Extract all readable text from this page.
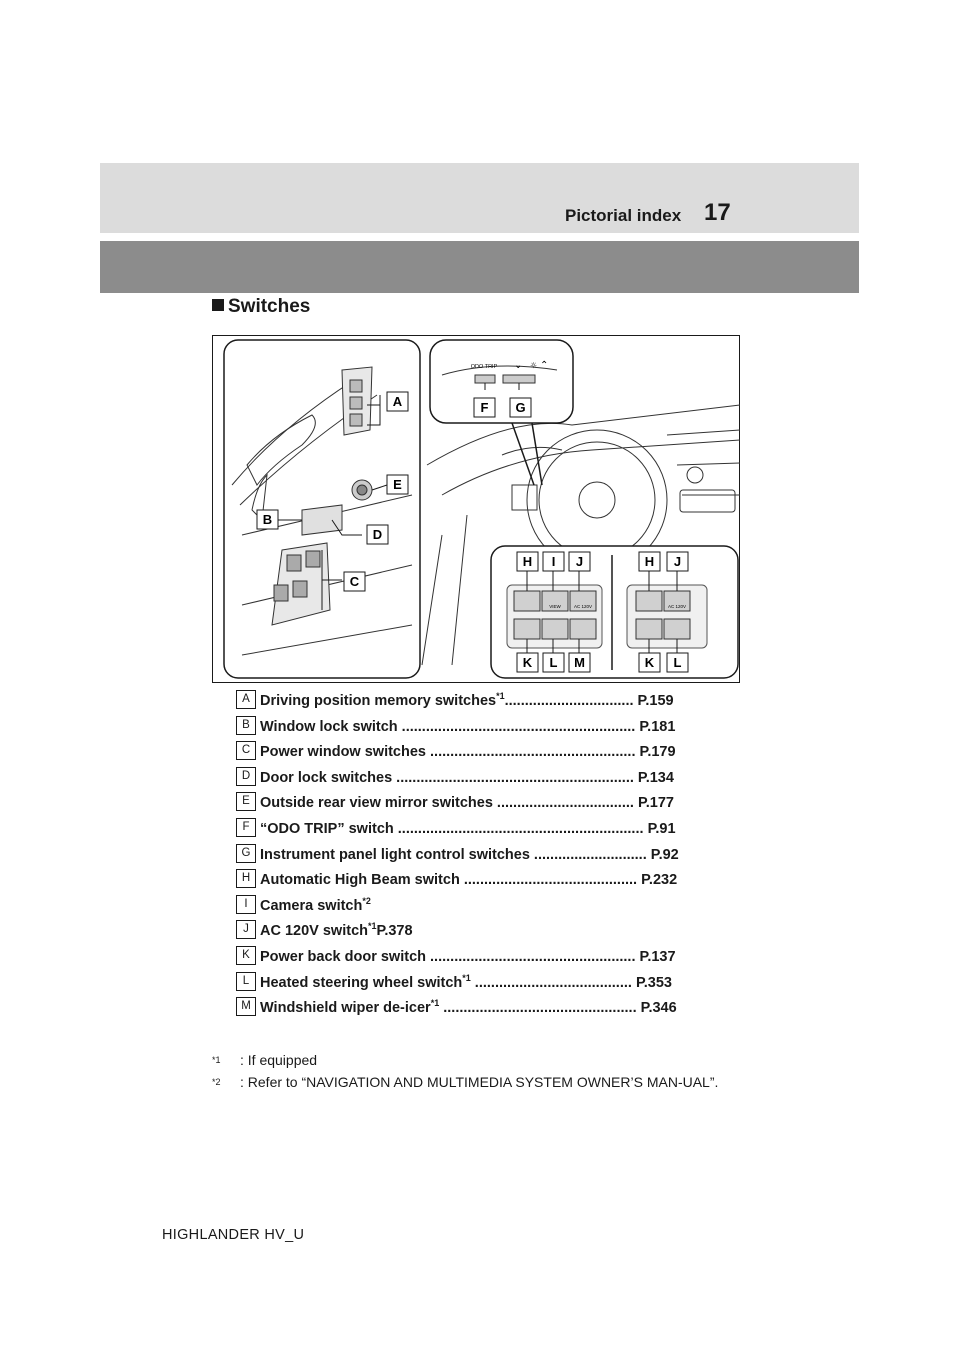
Pictorial index 17
Switches
ODO TRIP ⌄ ☼ ⌃
VIEW	AC 120V	AC 120V
A
B
C
D
E
F G
H I J	H J
K L M	K L
A Driving position memory switches$^{*1}$................................ P.159
B Window lock switch .......................................................... P.181
C Power window switches ................................................... P.179
D Door lock switches ........................................................... P.134
E Outside rear view mirror switches .................................. P.177
F “ODO TRIP” switch ............................................................. P.91
G Instrument panel light control switches ............................ P.92
H Automatic High Beam switch ........................................... P.232
I Camera switch$^{*2}$
J AC 120V switch$^{*1}$P.378
K Power back door switch ................................................... P.137
L Heated steering wheel switch$^{*1}$ ....................................... P.353
M Windshield wiper de-icer$^{*1}$ ................................................ P.346
*1 : If equipped
*2 : Refer to “NAVIGATION AND MULTIMEDIA SYSTEM OWNER’S MAN-UAL”.
HIGHLANDER HV_U
